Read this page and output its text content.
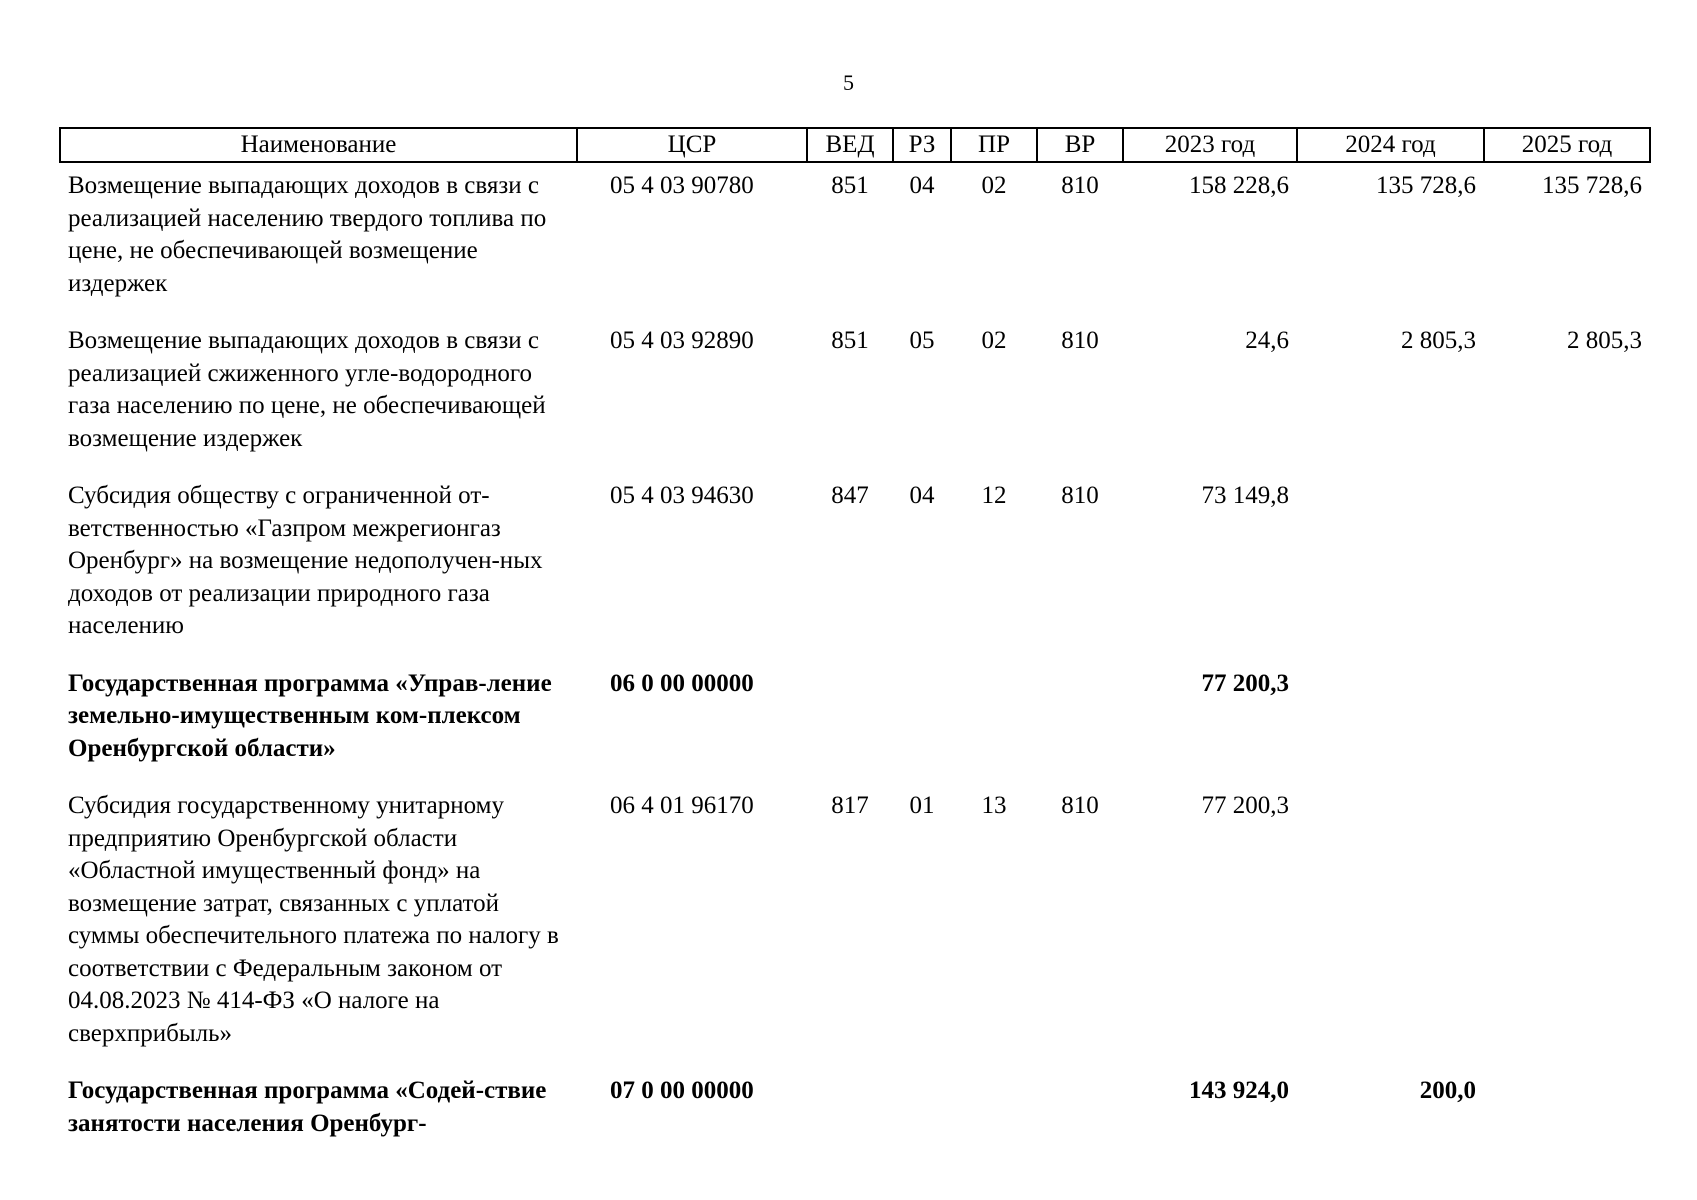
5
Наименование	ЦСР	ВЕД	РЗ	ПР	ВР	2023 год	2024 год	2025 год
Возмещение выпадающих доходов в связи с реализацией населению твердого топлива по цене, не обеспечивающей возмещение издержек	05 4 03 90780	851	04	02	810	158 228,6	135 728,6	135 728,6
Возмещение выпадающих доходов в связи с реализацией сжиженного угле-водородного газа населению по цене, не обеспечивающей возмещение издержек	05 4 03 92890	851	05	02	810	24,6	2 805,3	2 805,3
Субсидия обществу с ограниченной от-ветственностью «Газпром межрегионгаз Оренбург» на возмещение недополучен-ных доходов от реализации природного газа населению	05 4 03 94630	847	04	12	810	73 149,8		
Государственная программа «Управ-ление земельно-имущественным ком-плексом Оренбургской области»	06 0 00 00000					77 200,3		
Субсидия государственному унитарному предприятию Оренбургской области «Областной имущественный фонд» на возмещение затрат, связанных с уплатой суммы обеспечительного платежа по налогу в соответствии с Федеральным законом от 04.08.2023 № 414-ФЗ «О налоге на сверхприбыль»	06 4 01 96170	817	01	13	810	77 200,3		
Государственная программа «Содей-ствие занятости населения Оренбург-	07 0 00 00000					143 924,0	200,0	
